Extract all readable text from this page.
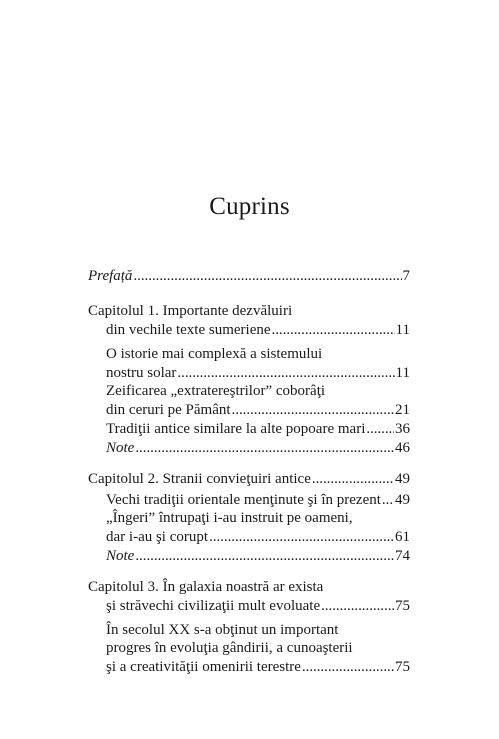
Cuprins
Prefață . . .	7
Capitolul 1. Importante dezvăluiri
din vechile texte sumeriene . . .	11
O istorie mai complexă a sistemului
nostru solar . . .	11
Zeificarea „extratereştrilor” coborâţi
din ceruri pe Pământ . . .	21
Tradiţii antice similare la alte popoare mari . . . 36
Note . . .	46
Capitolul 2. Stranii convieţuiri antice . . .	49
Vechi tradiţii orientale menţinute şi în prezent . . . 49
„Îngeri” întrupaţi i-au instruit pe oameni,
dar i-au şi corupt . . .	61
Note . . .	74
Capitolul 3. În galaxia noastră ar exista
şi străvechi civilizaţii mult evoluate . . .	75
În secolul XX s-a obţinut un important
progres în evoluţia gândirii, a cunoaşterii
şi a creativităţii omenirii terestre . . .	75
